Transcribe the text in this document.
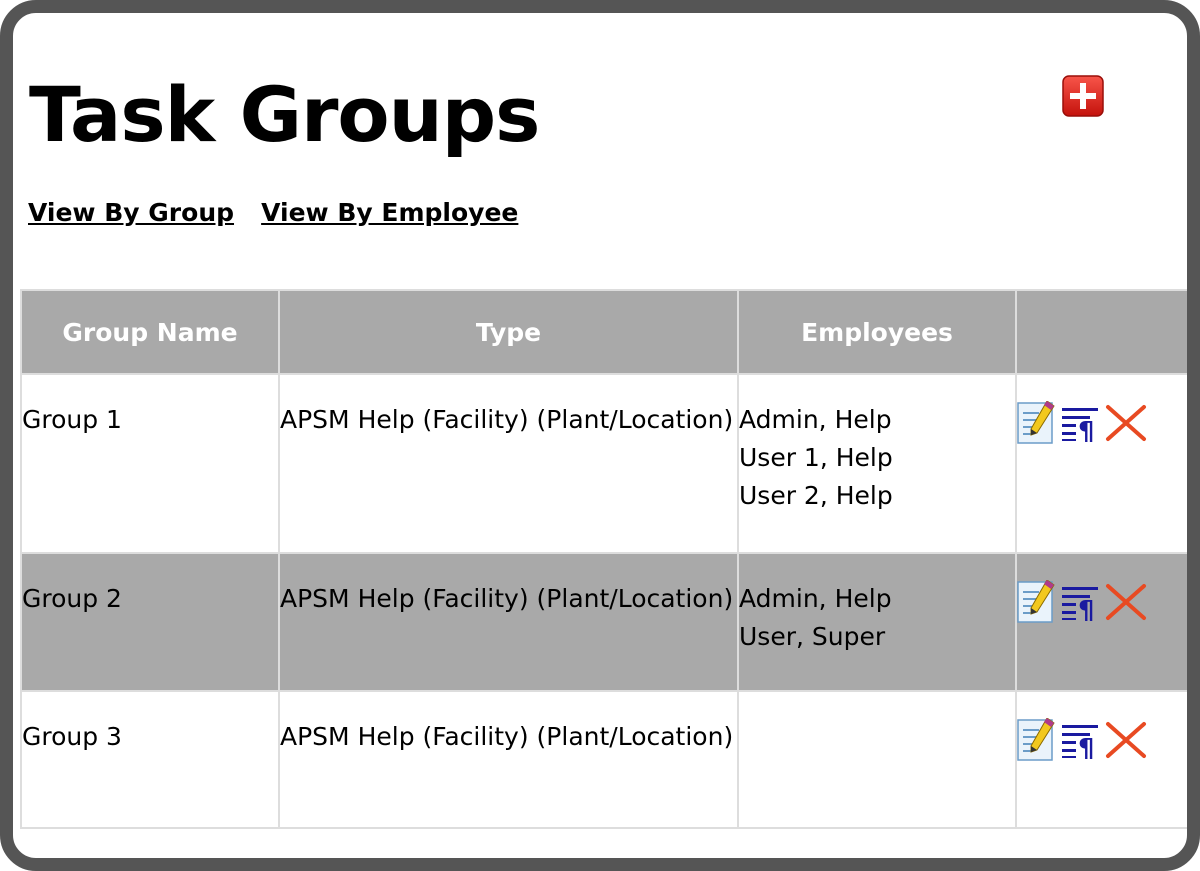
Task Groups
View By Group View By Employee
Group Name	Type	Employees	
Group 1	APSM Help (Facility) (Plant/Location)	Admin, Help
User 1, Help
User 2, Help	¶

Group 2	APSM Help (Facility) (Plant/Location)	Admin, Help
User, Super	¶

Group 3	APSM Help (Facility) (Plant/Location)		¶
